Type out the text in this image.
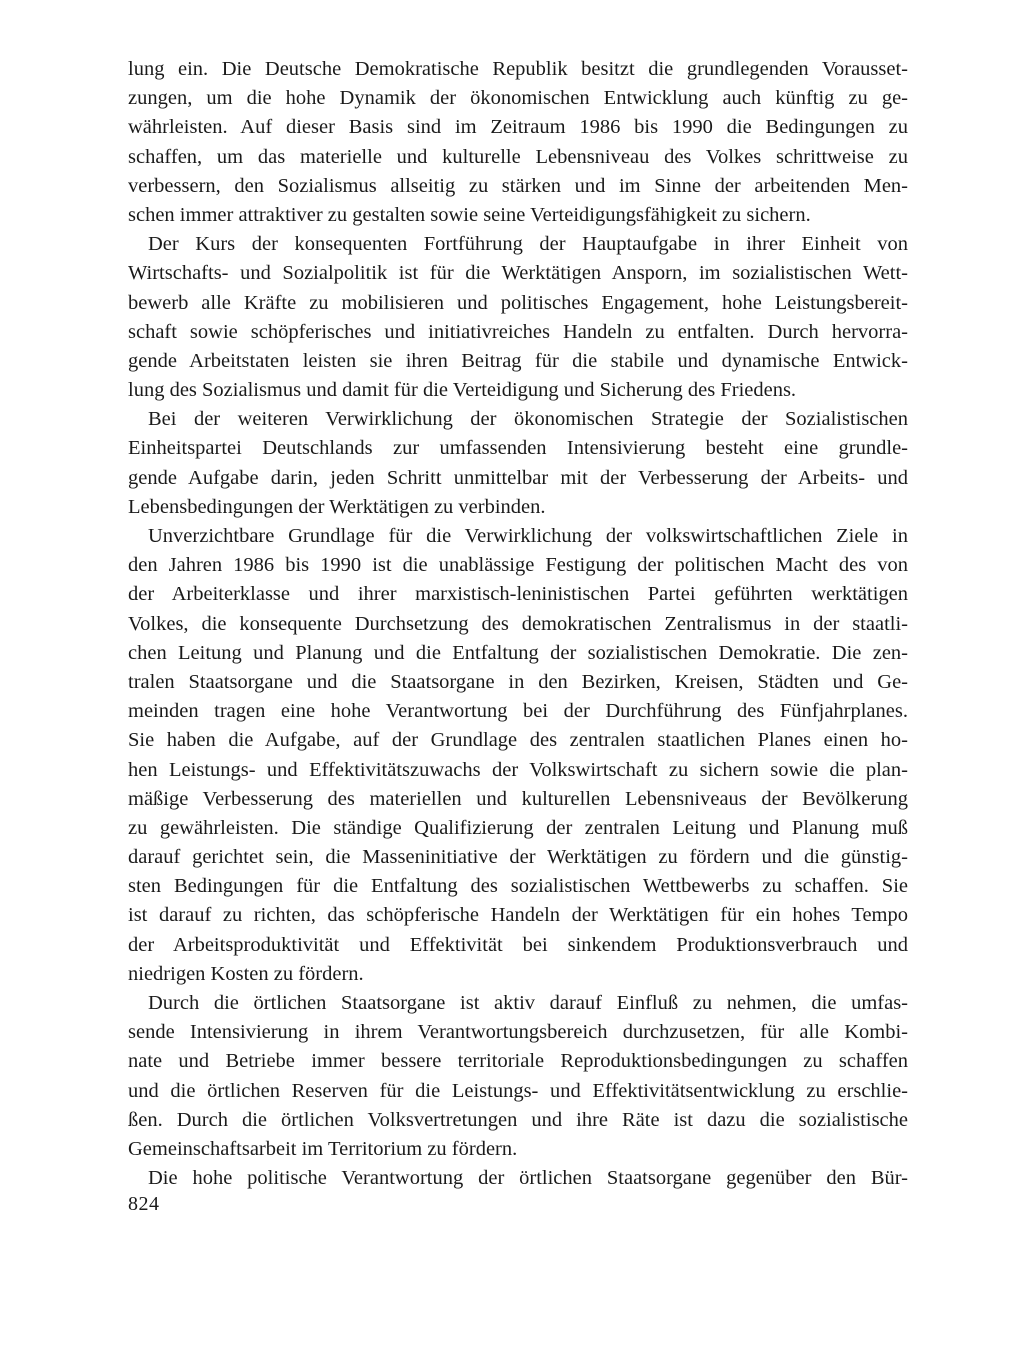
lung ein. Die Deutsche Demokratische Republik besitzt die grundlegenden Vorausset-
zungen, um die hohe Dynamik der ökonomischen Entwicklung auch künftig zu ge-
währleisten. Auf dieser Basis sind im Zeitraum 1986 bis 1990 die Bedingungen zu
schaffen, um das materielle und kulturelle Lebensniveau des Volkes schrittweise zu
verbessern, den Sozialismus allseitig zu stärken und im Sinne der arbeitenden Men-
schen immer attraktiver zu gestalten sowie seine Verteidigungsfähigkeit zu sichern.
Der Kurs der konsequenten Fortführung der Hauptaufgabe in ihrer Einheit von
Wirtschafts- und Sozialpolitik ist für die Werktätigen Ansporn, im sozialistischen Wett-
bewerb alle Kräfte zu mobilisieren und politisches Engagement, hohe Leistungsbereit-
schaft sowie schöpferisches und initiativreiches Handeln zu entfalten. Durch hervorra-
gende Arbeitstaten leisten sie ihren Beitrag für die stabile und dynamische Entwick-
lung des Sozialismus und damit für die Verteidigung und Sicherung des Friedens.
Bei der weiteren Verwirklichung der ökonomischen Strategie der Sozialistischen
Einheitspartei Deutschlands zur umfassenden Intensivierung besteht eine grundle-
gende Aufgabe darin, jeden Schritt unmittelbar mit der Verbesserung der Arbeits- und
Lebensbedingungen der Werktätigen zu verbinden.
Unverzichtbare Grundlage für die Verwirklichung der volkswirtschaftlichen Ziele in
den Jahren 1986 bis 1990 ist die unablässige Festigung der politischen Macht des von
der Arbeiterklasse und ihrer marxistisch-leninistischen Partei geführten werktätigen
Volkes, die konsequente Durchsetzung des demokratischen Zentralismus in der staatli-
chen Leitung und Planung und die Entfaltung der sozialistischen Demokratie. Die zen-
tralen Staatsorgane und die Staatsorgane in den Bezirken, Kreisen, Städten und Ge-
meinden tragen eine hohe Verantwortung bei der Durchführung des Fünfjahrplanes.
Sie haben die Aufgabe, auf der Grundlage des zentralen staatlichen Planes einen ho-
hen Leistungs- und Effektivitätszuwachs der Volkswirtschaft zu sichern sowie die plan-
mäßige Verbesserung des materiellen und kulturellen Lebensniveaus der Bevölkerung
zu gewährleisten. Die ständige Qualifizierung der zentralen Leitung und Planung muß
darauf gerichtet sein, die Masseninitiative der Werktätigen zu fördern und die günstig-
sten Bedingungen für die Entfaltung des sozialistischen Wettbewerbs zu schaffen. Sie
ist darauf zu richten, das schöpferische Handeln der Werktätigen für ein hohes Tempo
der Arbeitsproduktivität und Effektivität bei sinkendem Produktionsverbrauch und
niedrigen Kosten zu fördern.
Durch die örtlichen Staatsorgane ist aktiv darauf Einfluß zu nehmen, die umfas-
sende Intensivierung in ihrem Verantwortungsbereich durchzusetzen, für alle Kombi-
nate und Betriebe immer bessere territoriale Reproduktionsbedingungen zu schaffen
und die örtlichen Reserven für die Leistungs- und Effektivitätsentwicklung zu erschlie-
ßen. Durch die örtlichen Volksvertretungen und ihre Räte ist dazu die sozialistische
Gemeinschaftsarbeit im Territorium zu fördern.
Die hohe politische Verantwortung der örtlichen Staatsorgane gegenüber den Bür-
824
